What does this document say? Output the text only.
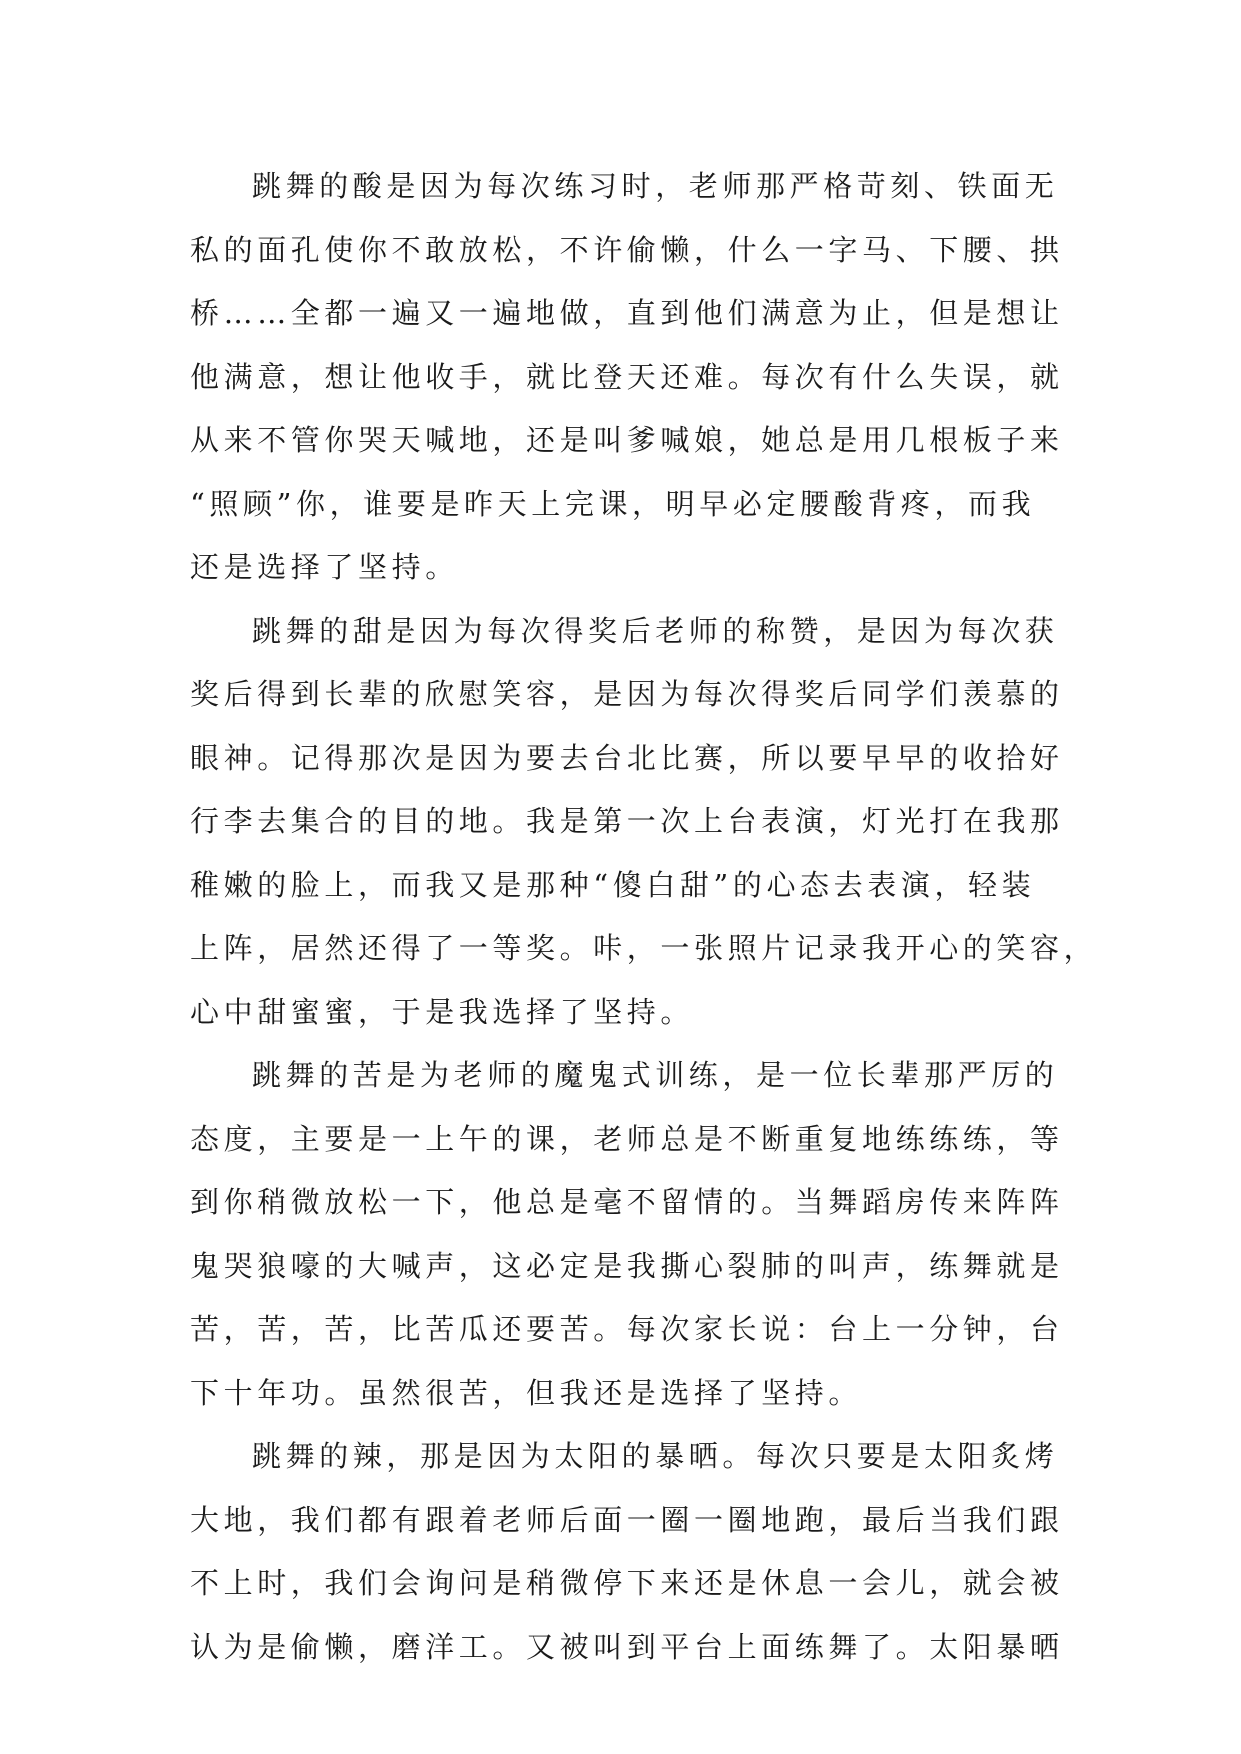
跳舞的酸是因为每次练习时，老师那严格苛刻、铁面无
私的面孔使你不敢放松，不许偷懒，什么一字马、下腰、拱
桥……全都一遍又一遍地做，直到他们满意为止，但是想让
他满意，想让他收手，就比登天还难。每次有什么失误，就
从来不管你哭天喊地，还是叫爹喊娘，她总是用几根板子来
“照顾”你，谁要是昨天上完课，明早必定腰酸背疼，而我
还是选择了坚持。
跳舞的甜是因为每次得奖后老师的称赞，是因为每次获
奖后得到长辈的欣慰笑容，是因为每次得奖后同学们羡慕的
眼神。记得那次是因为要去台北比赛，所以要早早的收拾好
行李去集合的目的地。我是第一次上台表演，灯光打在我那
稚嫩的脸上，而我又是那种“傻白甜”的心态去表演，轻装
上阵，居然还得了一等奖。咔，一张照片记录我开心的笑容，
心中甜蜜蜜，于是我选择了坚持。
跳舞的苦是为老师的魔鬼式训练，是一位长辈那严厉的
态度，主要是一上午的课，老师总是不断重复地练练练，等
到你稍微放松一下，他总是毫不留情的。当舞蹈房传来阵阵
鬼哭狼嚎的大喊声，这必定是我撕心裂肺的叫声，练舞就是
苦，苦，苦，比苦瓜还要苦。每次家长说：台上一分钟，台
下十年功。虽然很苦，但我还是选择了坚持。
跳舞的辣，那是因为太阳的暴晒。每次只要是太阳炙烤
大地，我们都有跟着老师后面一圈一圈地跑，最后当我们跟
不上时，我们会询问是稍微停下来还是休息一会儿，就会被
认为是偷懒，磨洋工。又被叫到平台上面练舞了。太阳暴晒
